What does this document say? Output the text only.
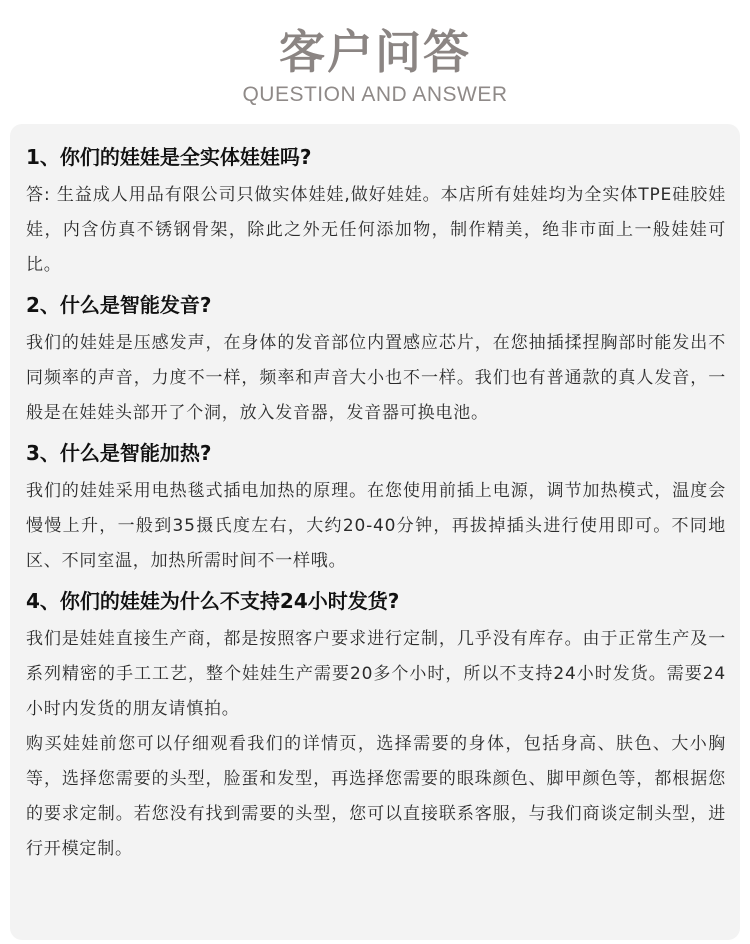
客户问答
QUESTION AND ANSWER
1、你们的娃娃是全实体娃娃吗?
答: 生益成人用品有限公司只做实体娃娃,做好娃娃。本店所有娃娃均为全实体TPE硅胶娃娃，内含仿真不锈钢骨架，除此之外无任何添加物，制作精美，绝非市面上一般娃娃可比。
2、什么是智能发音?
我们的娃娃是压感发声，在身体的发音部位内置感应芯片，在您抽插揉捏胸部时能发出不同频率的声音，力度不一样，频率和声音大小也不一样。我们也有普通款的真人发音，一般是在娃娃头部开了个洞，放入发音器，发音器可换电池。
3、什么是智能加热?
我们的娃娃采用电热毯式插电加热的原理。在您使用前插上电源，调节加热模式，温度会慢慢上升，一般到35摄氏度左右，大约20-40分钟，再拔掉插头进行使用即可。不同地区、不同室温，加热所需时间不一样哦。
4、你们的娃娃为什么不支持24小时发货?
我们是娃娃直接生产商，都是按照客户要求进行定制，几乎没有库存。由于正常生产及一系列精密的手工工艺，整个娃娃生产需要20多个小时，所以不支持24小时发货。需要24小时内发货的朋友请慎拍。
购买娃娃前您可以仔细观看我们的详情页，选择需要的身体，包括身高、肤色、大小胸等，选择您需要的头型，脸蛋和发型，再选择您需要的眼珠颜色、脚甲颜色等，都根据您的要求定制。若您没有找到需要的头型，您可以直接联系客服，与我们商谈定制头型，进行开模定制。
